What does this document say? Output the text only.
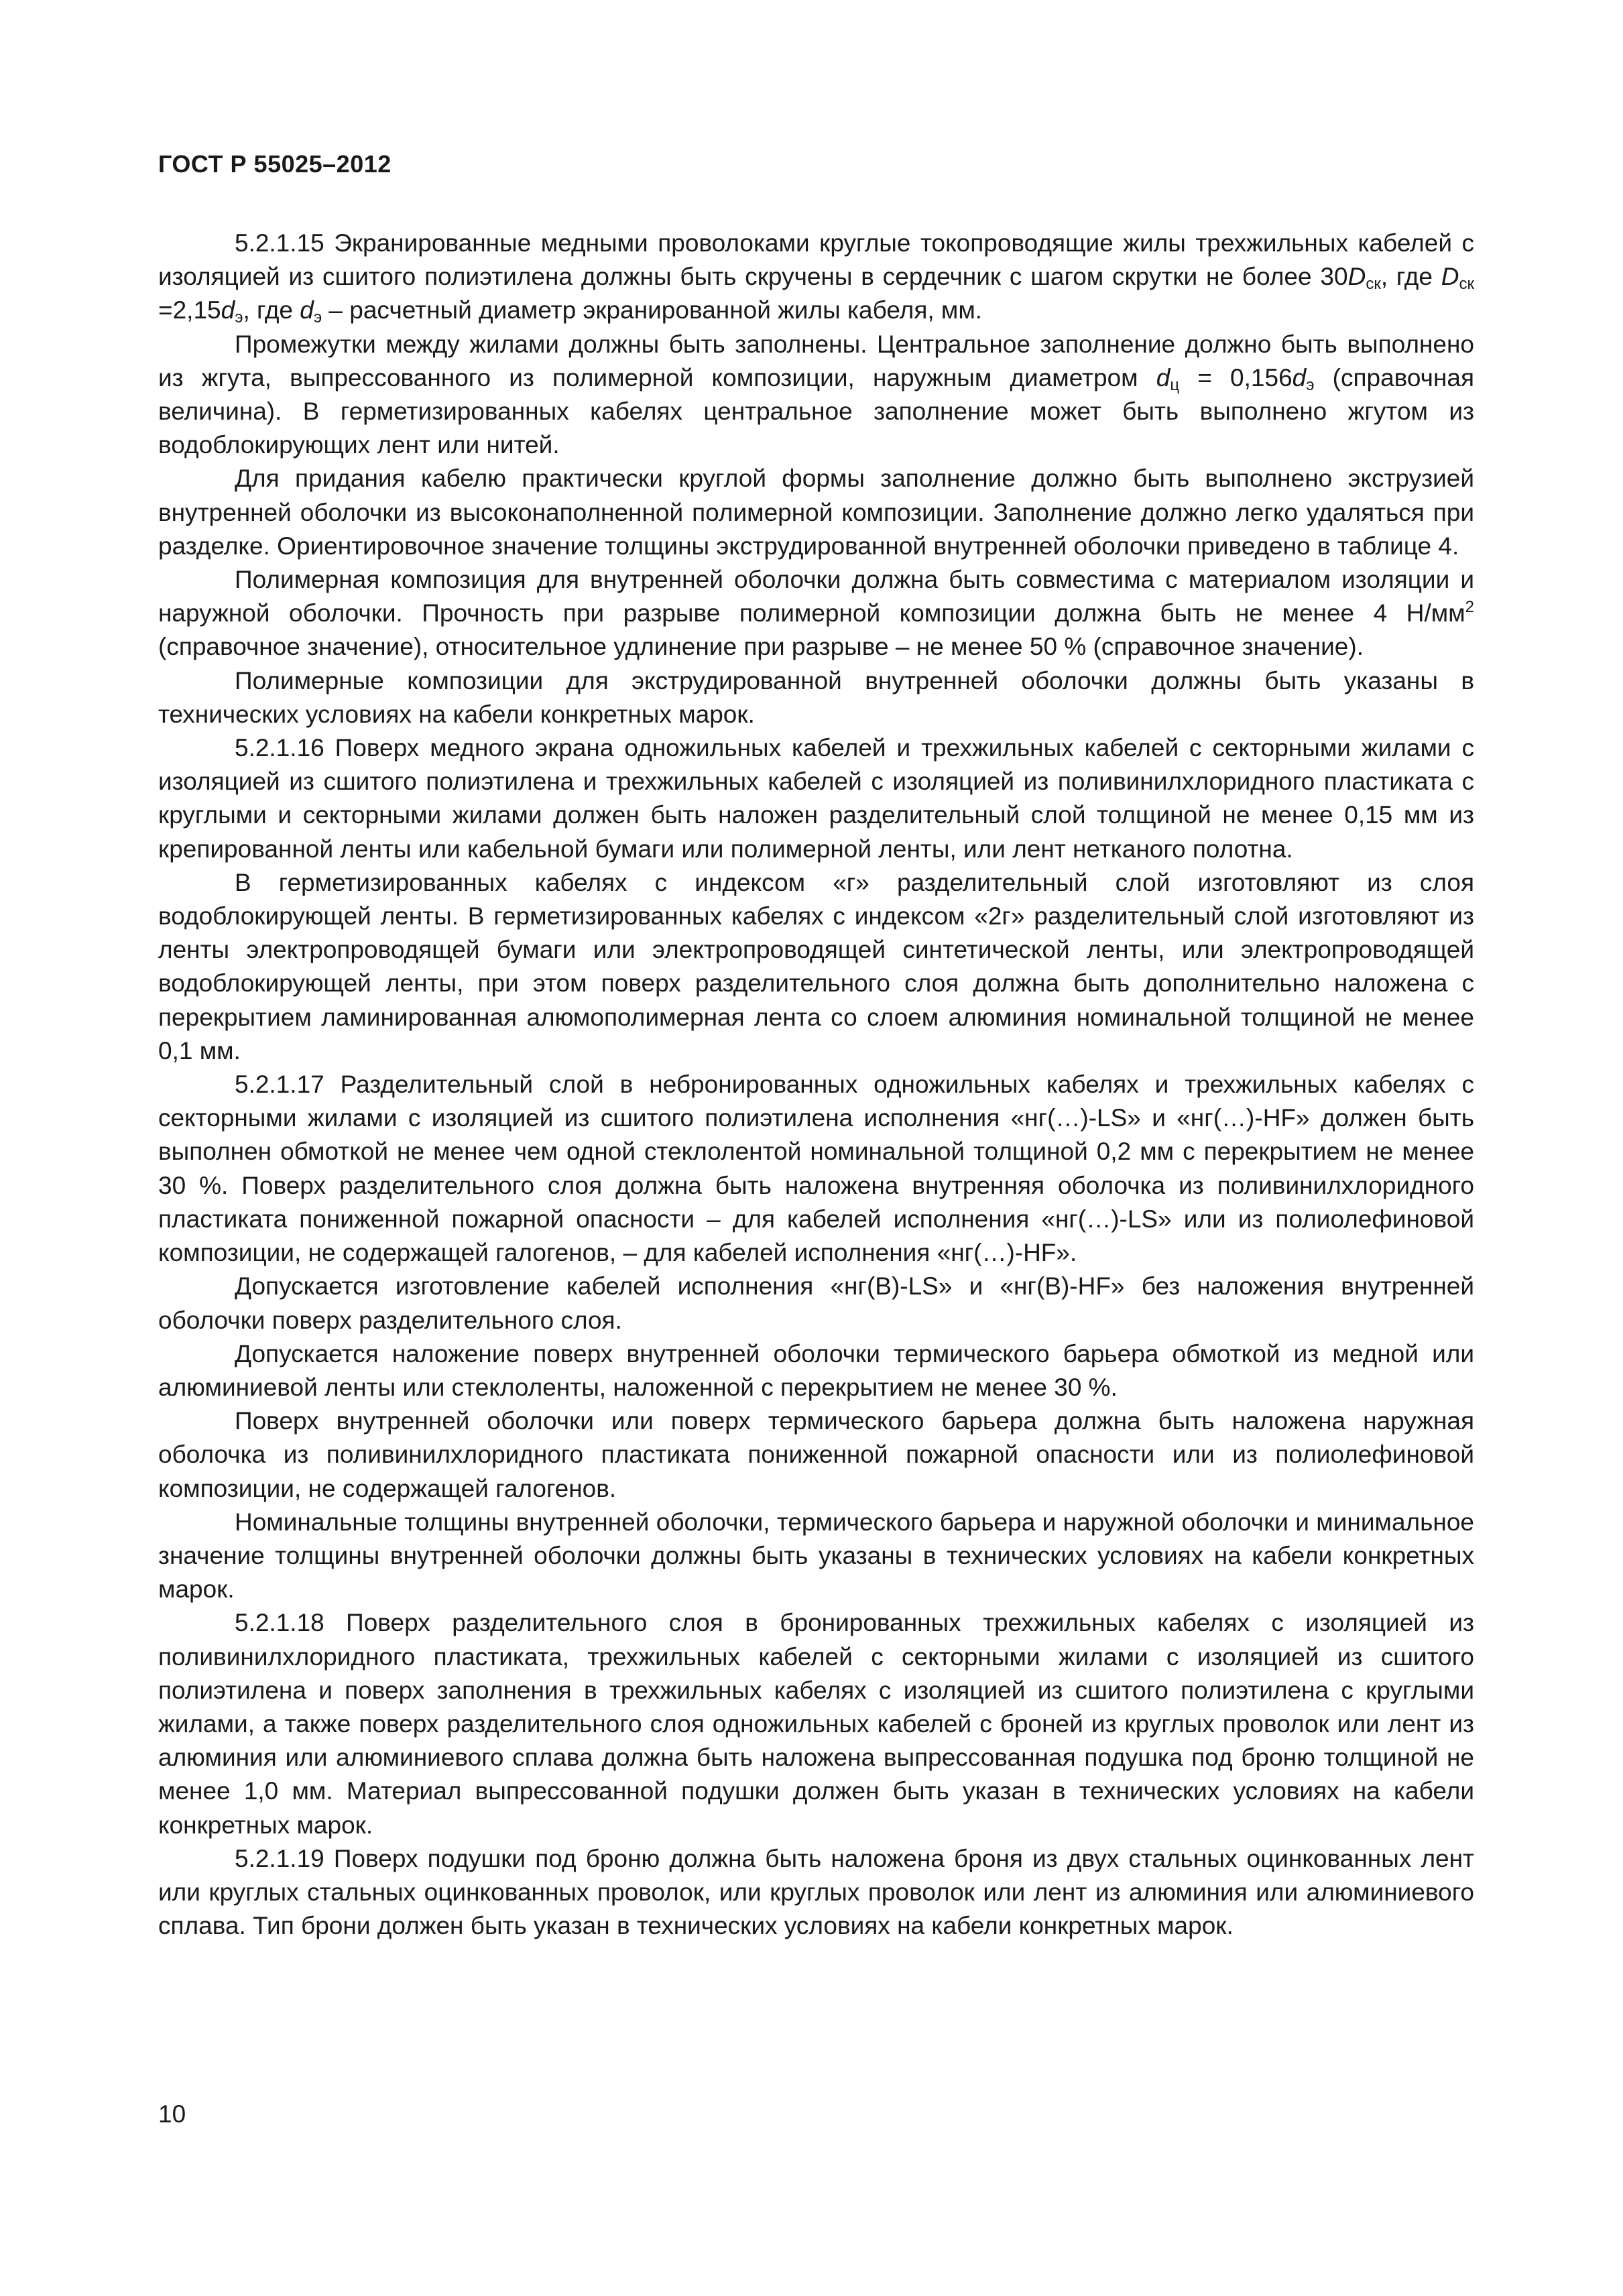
ГОСТ Р 55025–2012

5.2.1.15 Экранированные медными проволоками круглые токопроводящие жилы трехжильных кабелей с изоляцией из сшитого полиэтилена должны быть скручены в сердечник с шагом скрутки не более $30D_{ск}$, где $D_{ск} =2,15d_э$, где $d_э$ – расчетный диаметр экранированной жилы кабеля, мм.

Промежутки между жилами должны быть заполнены. Центральное заполнение должно быть выполнено из жгута, выпрессованного из полимерной композиции, наружным диаметром $d_ц = 0,156d_э$ (справочная величина). В герметизированных кабелях центральное заполнение может быть выполнено жгутом из водоблокирующих лент или нитей.

Для придания кабелю практически круглой формы заполнение должно быть выполнено экструзией внутренней оболочки из высоконаполненной полимерной композиции. Заполнение должно легко удаляться при разделке. Ориентировочное значение толщины экструдированной внутренней оболочки приведено в таблице 4.

Полимерная композиция для внутренней оболочки должна быть совместима с материалом изоляции и наружной оболочки. Прочность при разрыве полимерной композиции должна быть не менее 4 $Н/мм^2$ (справочное значение), относительное удлинение при разрыве – не менее 50 % (справочное значение).

Полимерные композиции для экструдированной внутренней оболочки должны быть указаны в технических условиях на кабели конкретных марок.

5.2.1.16 Поверх медного экрана одножильных кабелей и трехжильных кабелей с секторными жилами с изоляцией из сшитого полиэтилена и трехжильных кабелей с изоляцией из поливинилхлоридного пластиката с круглыми и секторными жилами должен быть наложен разделительный слой толщиной не менее 0,15 мм из крепированной ленты или кабельной бумаги или полимерной ленты, или лент нетканого полотна.

В герметизированных кабелях с индексом «г» разделительный слой изготовляют из слоя водоблокирующей ленты. В герметизированных кабелях с индексом «2г» разделительный слой изготовляют из ленты электропроводящей бумаги или электропроводящей синтетической ленты, или электропроводящей водоблокирующей ленты, при этом поверх разделительного слоя должна быть дополнительно наложена с перекрытием ламинированная алюмополимерная лента со слоем алюминия номинальной толщиной не менее 0,1 мм.

5.2.1.17 Разделительный слой в небронированных одножильных кабелях и трехжильных кабелях с секторными жилами с изоляцией из сшитого полиэтилена исполнения «нг(…)-LS» и «нг(…)-HF» должен быть выполнен обмоткой не менее чем одной стеклолентой номинальной толщиной 0,2 мм с перекрытием не менее 30 %. Поверх разделительного слоя должна быть наложена внутренняя оболочка из поливинилхлоридного пластиката пониженной пожарной опасности – для кабелей исполнения «нг(…)-LS» или из полиолефиновой композиции, не содержащей галогенов, – для кабелей исполнения «нг(…)-HF».

Допускается изготовление кабелей исполнения «нг(В)-LS» и «нг(В)-HF» без наложения внутренней оболочки поверх разделительного слоя.

Допускается наложение поверх внутренней оболочки термического барьера обмоткой из медной или алюминиевой ленты или стеклоленты, наложенной с перекрытием не менее 30 %.

Поверх внутренней оболочки или поверх термического барьера должна быть наложена наружная оболочка из поливинилхлоридного пластиката пониженной пожарной опасности или из полиолефиновой композиции, не содержащей галогенов.

Номинальные толщины внутренней оболочки, термического барьера и наружной оболочки и минимальное значение толщины внутренней оболочки должны быть указаны в технических условиях на кабели конкретных марок.

5.2.1.18 Поверх разделительного слоя в бронированных трехжильных кабелях с изоляцией из поливинилхлоридного пластиката, трехжильных кабелей с секторными жилами с изоляцией из сшитого полиэтилена и поверх заполнения в трехжильных кабелях с изоляцией из сшитого полиэтилена с круглыми жилами, а также поверх разделительного слоя одножильных кабелей с броней из круглых проволок или лент из алюминия или алюминиевого сплава должна быть наложена выпрессованная подушка под броню толщиной не менее 1,0 мм. Материал выпрессованной подушки должен быть указан в технических условиях на кабели конкретных марок.

5.2.1.19 Поверх подушки под броню должна быть наложена броня из двух стальных оцинкованных лент или круглых стальных оцинкованных проволок, или круглых проволок или лент из алюминия или алюминиевого сплава. Тип брони должен быть указан в технических условиях на кабели конкретных марок.

10
